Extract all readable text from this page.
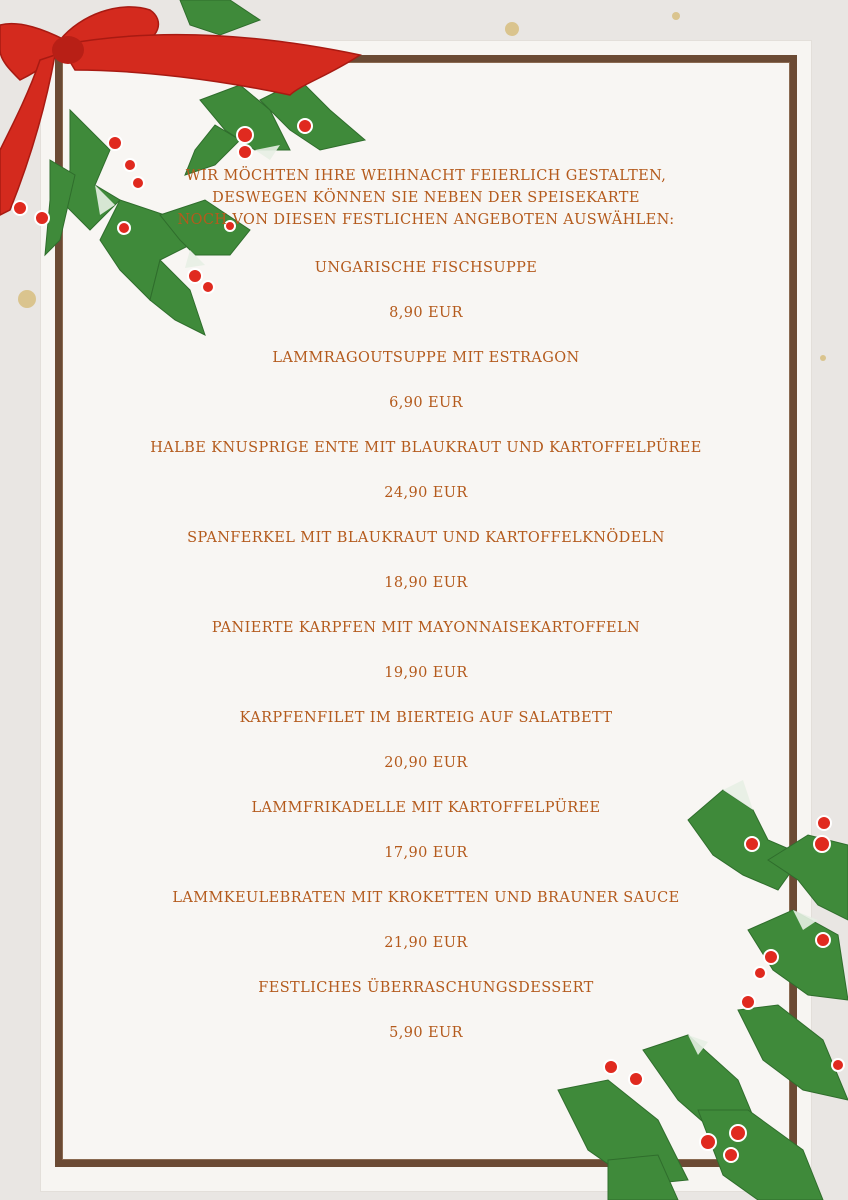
WIR MÖCHTEN IHRE WEIHNACHT FEIERLICH GESTALTEN,
DESWEGEN KÖNNEN SIE NEBEN DER SPEISEKARTE
NOCH VON DIESEN FESTLICHEN ANGEBOTEN AUSWÄHLEN:
UNGARISCHE FISCHSUPPE
8,90 EUR
LAMMRAGOUTSUPPE MIT ESTRAGON
6,90 EUR
HALBE KNUSPRIGE ENTE MIT BLAUKRAUT UND KARTOFFELPÜREE
24,90 EUR
SPANFERKEL MIT BLAUKRAUT UND KARTOFFELKNÖDELN
18,90 EUR
PANIERTE KARPFEN MIT MAYONNAISEKARTOFFELN
19,90 EUR
KARPFENFILET IM BIERTEIG AUF SALATBETT
20,90 EUR
LAMMFRIKADELLE MIT KARTOFFELPÜREE
17,90 EUR
LAMMKEULEBRATEN MIT KROKETTEN UND BRAUNER SAUCE
21,90 EUR
FESTLICHES ÜBERRASCHUNGSDESSERT
5,90 EUR
